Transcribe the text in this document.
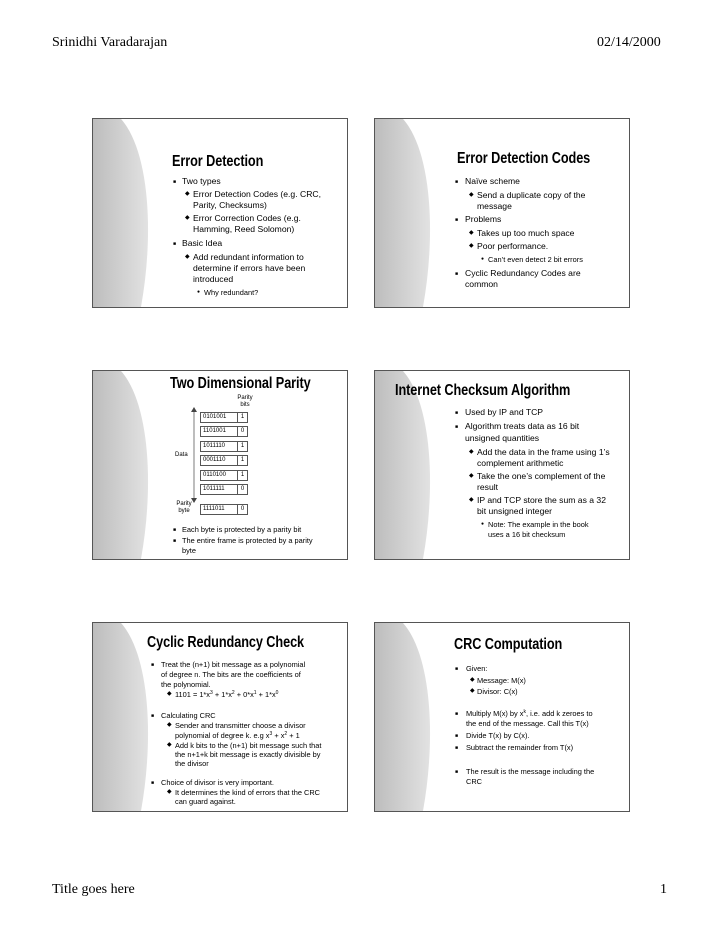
Srinidhi Varadarajan	02/14/2000
Title goes here	1
Error Detection
■ Two types
◆ Error Detection Codes (e.g. CRC,
Parity, Checksums)
◆ Error Correction Codes (e.g.
Hamming, Reed Solomon)
■ Basic Idea
◆ Add redundant information to
determine if errors have been
introduced
● Why redundant?
Error Detection Codes
■ Naïve scheme
◆ Send a duplicate copy of the
message
■ Problems
◆ Takes up too much space
◆ Poor performance.
● Can’t even detect 2 bit errors
■ Cyclic Redundancy Codes are
common
Two Dimensional Parity
Parity bits
Data
0101001	1
1101001	0
1011110	1
0001110	1
0110100	1
1011111	0
Parity byte	1111011	0
■ Each byte is protected by a parity bit
■ The entire frame is protected by a parity
byte
Internet Checksum Algorithm
■ Used by IP and TCP
■ Algorithm treats data as 16 bit
unsigned quantities
◆ Add the data in the frame using 1’s
complement arithmetic
◆ Take the one’s complement of the
result
◆ IP and TCP store the sum as a 32
bit unsigned integer
● Note: The example in the book
uses a 16 bit checksum
Cyclic Redundancy Check
■ Treat the (n+1) bit message as a polynomial
of degree n. The bits are the coefficients of
the polynomial.
◆ $1101 = 1*x^3 + 1*x^2 + 0*x^1 + 1*x^0$
■ Calculating CRC
◆ Sender and transmitter choose a divisor
polynomial of degree k. e.g $x^3 + x^2 + 1$
◆ Add k bits to the (n+1) bit message such that
the n+1+k bit message is exactly divisible by
the divisor
■ Choice of divisor is very important.
◆ It determines the kind of errors that the CRC
can guard against.
CRC Computation
■ Given:
◆ Message: M(x)
◆ Divisor: C(x)
■ Multiply M(x) by $x^k$, i.e. add k zeroes to
the end of the message. Call this T(x)
■ Divide T(x) by C(x).
■ Subtract the remainder from T(x)
■ The result is the message including the
CRC
